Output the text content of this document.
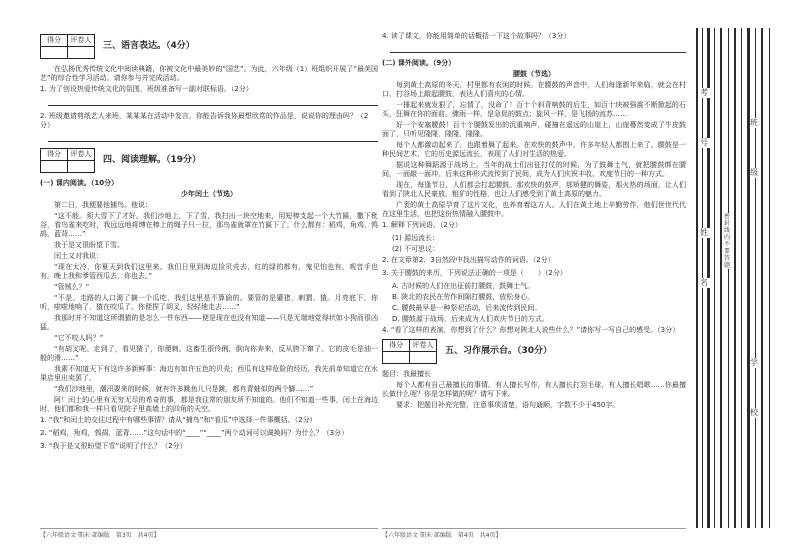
得分	评卷人

三、语言表达。（4分）

在弘扬优秀传统文化中阅读典籍，你被文化中最美妙的“国艺”。为此，六年级（1）班组织开展了“最美国艺”的综合性学习活动。请你参与并完成活动。

1. 为了创设热爱传统文化的氛围，班级准备写一副对联标语。（2分）

2. 班级邀请剪纸艺人来班，某某某在活动中发言，你能告诉我你最想欣赏的作品是，说说你的理由吗？（2分）

得分	评卷人

四、阅读理解。（19分）

(一) 课内阅读。（10分）

少年闰土（节选）

第二日，我便要他捕鸟。他说：

“这不能。须大雪下了才好。我们沙地上，下了雪，我扫出一块空地来，用短棒支起一个大竹匾，撒下秕谷，看鸟雀来吃时，我远远地将缚在棒上的绳子只一拉，那鸟雀就罩在竹匾下了。什么都有：稻鸡，角鸡，鹁鸪，蓝背……”

我于是又很盼望下雪。

闰土又对我说：

“现在太冷，你夏天到我们这里来。我们日里到海边捡贝壳去，红的绿的都有，鬼见怕也有，观音手也有。晚上我和爹管西瓜去，你也去。”

“管贼么？”

“不是。走路的人口渴了摘一个瓜吃，我们这里是不算偷的。要管的是獾猪，刺猬，猹。月亮底下，你听，啦啦地响了，猹在咬瓜了。你便捏了胡叉，轻轻地走去……”

我那时并不知道这所谓猹的是怎么一件东西——便是现在也没有知道——只是无端地觉得状如小狗而很凶猛。

“它不咬人吗？”

“有胡叉呢。走到了，看见猹了，你便刺。这畜生很伶俐，倒向你奔来，反从胯下窜了。它的皮毛是油一般的滑……”

我素不知道天下有这许多新鲜事：海边有如许五色的贝壳；西瓜有这样危险的经历，我先前单知道它在水果店里出卖罢了。

“我们沙地里，潮汛要来的时候，就有许多跳鱼儿只是跳，都有青蛙似的两个脚……”

阿！闰土的心里有无穷无尽的希奇的事，都是我往常的朋友所不知道的。他们不知道一些事，闰土在海边时，他们都和我一样只看见院子里高墙上的四角的天空。

1. “我”和闰土的交往过程中有哪些事情？请从“捕鸟”和“看瓜”中选择一件事概括。（2分）

2. “稻鸡，角鸡，鹁鸪，蓝背……”这句话中的“____”“____”两个动词可以调换吗？为什么？（3分）

3. “我于是又很盼望下雪”说明了什么？（2分）

4. 读了课文，你能用简单的话概括一下这个故事吗？（3分）

(二) 课外阅读。（9分）

腰鼓（节选）

每到黄土高原的冬天，村里都有农闲的时候。在腰鼓的声音中，人们每逢新年来临，就会在村口、打谷场上敲起腰鼓，表达人们喜庆的心情。

一捶起来就发狠了，忘情了，没命了！百十个斜背响鼓的后生，如百十块被强震不断掀起的石头，狂舞在你的面前。骤雨一样，是急促的鼓点；旋风一样，是飞扬的流苏……

好一个安塞腰鼓！百十个腰鼓发出的沉重响声，碰撞在遥远的山崖上，山崖蓦然变成了牛皮鼓面了，只听见隆隆，隆隆，隆隆。

每个人都激动起来了，也跟着舞了起来。在欢快的鼓声中，许多年轻人都围上来了。腰鼓是一种民间艺术，它的历史源远流长，表现了人们对生活的热爱。

据说这种舞蹈源于战场上。当年的战士们出征打仗的时候，为了鼓舞士气，就把腰鼓绑在腰间，一面敲一面冲。后来这种形式流传到了民间，成为人们庆祝丰收、欢度节日的一种方式。

现在，每逢节日，人们都会打起腰鼓。那欢快的鼓声，那矫健的舞姿，那火热的场面，让人们看到了陕北人民豪放、粗犷的性格，也让人们感受到了黄土高原的魅力。

广袤的黄土高原孕育了这片文化，也养育着这方人。人们在黄土地上辛勤劳作，他们世世代代在这里生活，也把这份热情融入腰鼓中。

1. 解释下列词语。（2分）

(1) 源远流长：

(2) 不可思议：

2. 在文章第2、3自然段中找出描写动作的词语。（2分）

3. 关于腰鼓的来历，下列说法正确的一项是（　　）（2分）

A. 古时候的人们在出征前打腰鼓，鼓舞士气。

B. 陕北的农民在劳作间隙打腰鼓，放松身心。

C. 腰鼓最早是一种祭祀活动，后来流传到民间。

D. 腰鼓源于战场，后来成为人们欢庆节日的方式。

4. “看了这样的表演，你想到了什么？你想对陕北人说些什么？”请你写一写自己的感受。（3分）

得分	评卷人

五、习作展示台。（30分）

题目：我最擅长

每个人都有自己最擅长的事情。有人擅长写作，有人擅长打羽毛球，有人擅长唱歌……你最擅长做什么呢？你是怎样做的呢？请写下来。

要求：把题目补充完整，注意事项清楚，语句通顺，字数不少于450字。

【六年级语文·期末·部编版　第3页　共4页】	【六年级语文·期末·部编版　第4页　共4页】
考
号
姓
名
班
级
学
校
密封线内不要答题
